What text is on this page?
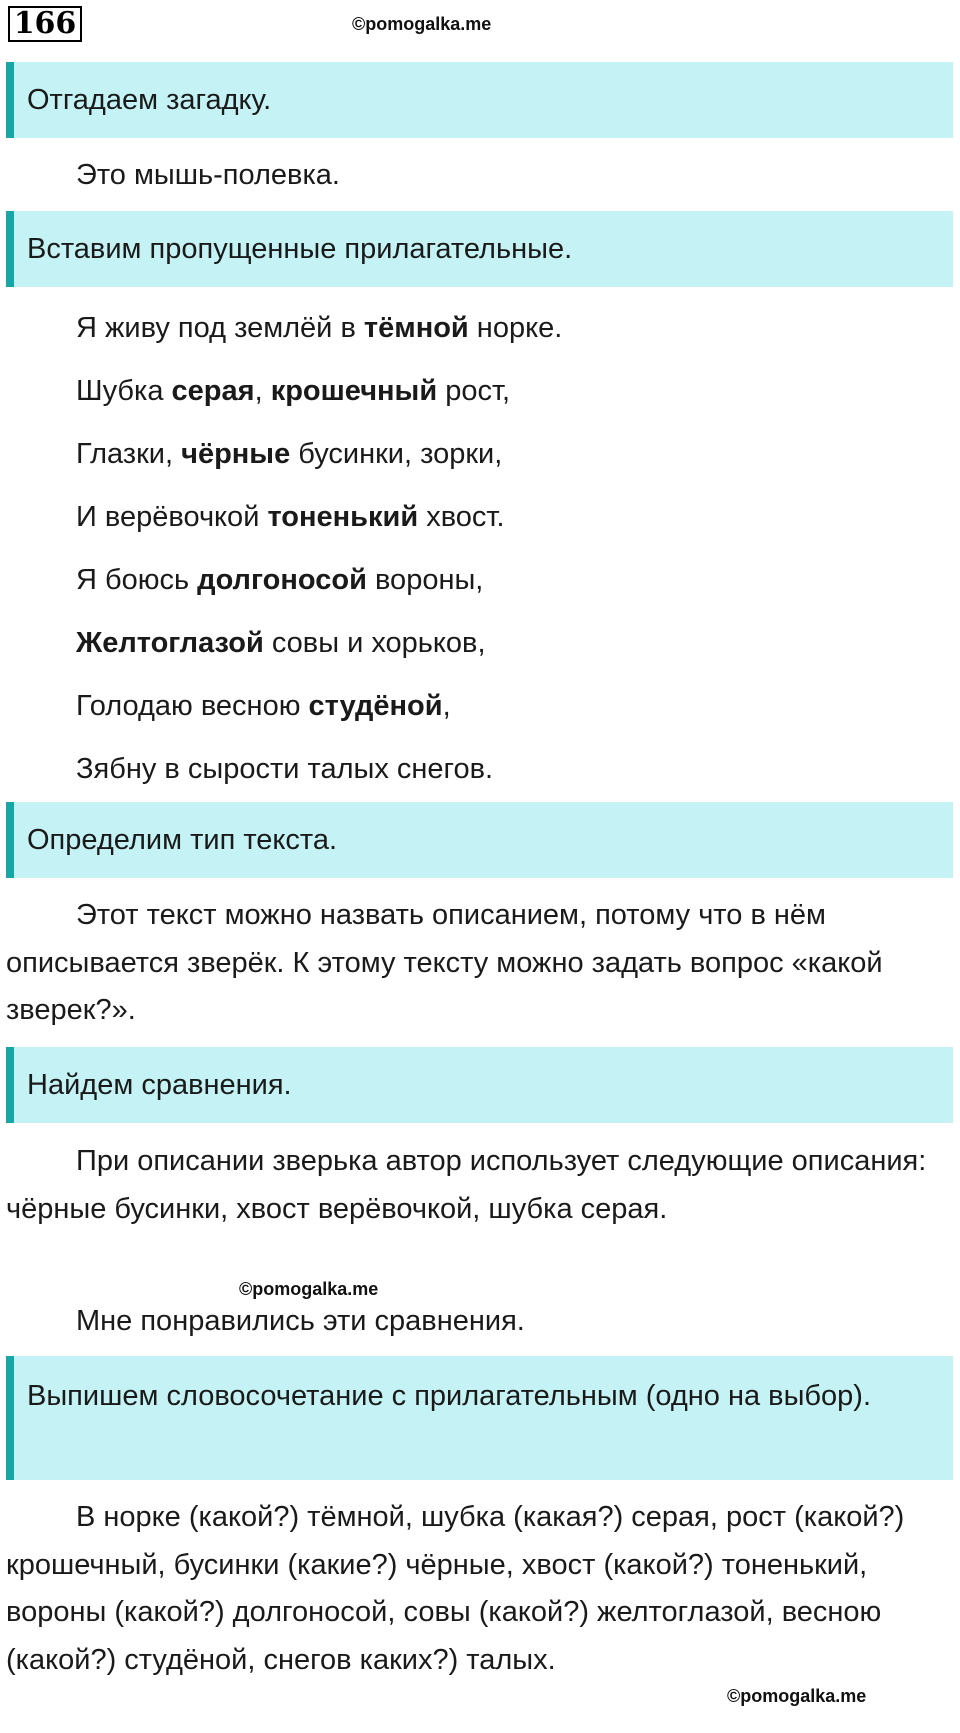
166	©pomogalka.me
Отгадаем загадку.
Это мышь-полевка.
Вставим пропущенные прилагательные.
Я живу под землёй в тёмной норке.
Шубка серая, крошечный рост,
Глазки, чёрные бусинки, зорки,
И верёвочкой тоненький хвост.
Я боюсь долгоносой вороны,
Желтоглазой совы и хорьков,
Голодаю весною студёной,
Зябну в сырости талых снегов.
Определим тип текста.

Этот текст можно назвать описанием, потому что в нём описывается зверёк. К этому тексту можно задать вопрос «какой зверек?».

Найдем сравнения.

При описании зверька автор использует следующие описания: чёрные бусинки, хвост верёвочкой, шубка серая.

©pomogalka.me
Мне понравились эти сравнения.
Выпишем словосочетание с прилагательным (одно на выбор).

В норке (какой?) тёмной, шубка (какая?) серая, рост (какой?) крошечный, бусинки (какие?) чёрные, хвост (какой?) тоненький, вороны (какой?) долгоносой, совы (какой?) желтоглазой, весною (какой?) студёной, снегов каких?) талых.

©pomogalka.me
